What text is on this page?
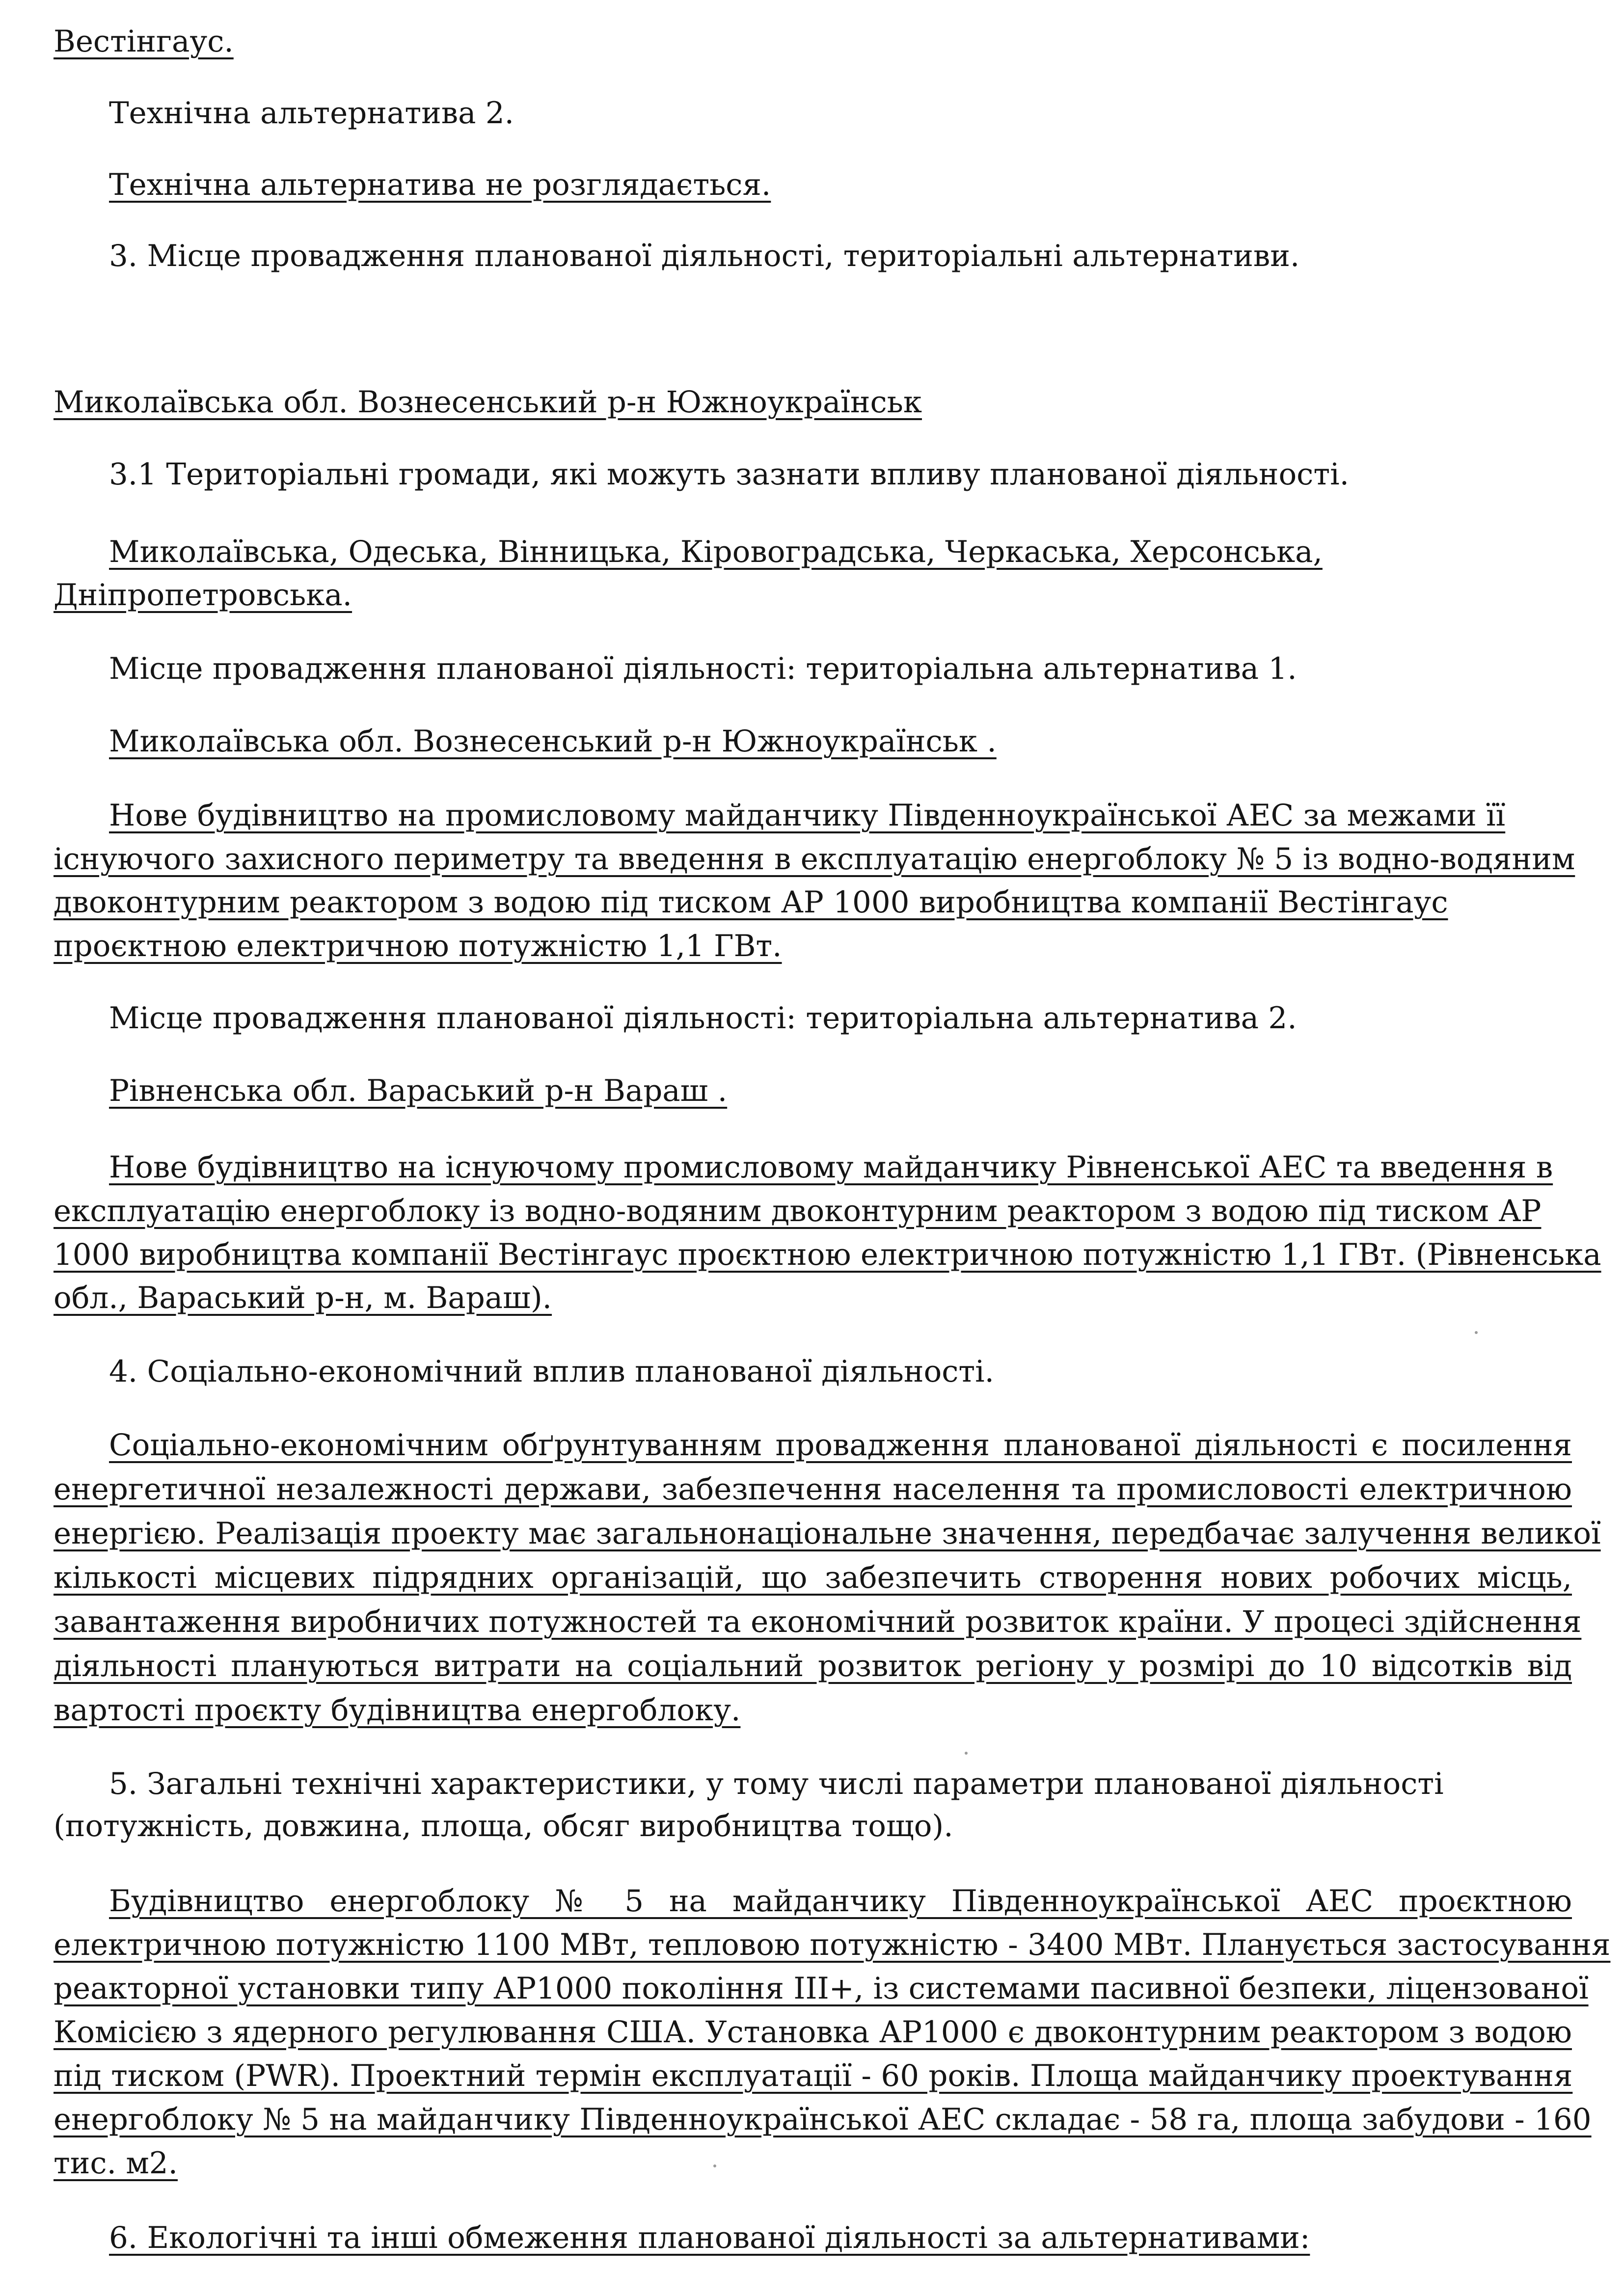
Вестінгаус.

Технічна альтернатива 2.

Технічна альтернатива не розглядається.

3. Місце провадження планованої діяльності, територіальні альтернативи.

Миколаївська обл. Вознесенський р-н Южноукраїнськ

3.1 Територіальні громади, які можуть зазнати впливу планованої діяльності.

Миколаївська, Одеська, Вінницька, Кіровоградська, Черкаська, Херсонська,

Дніпропетровська.

Місце провадження планованої діяльності: територіальна альтернатива 1.

Миколаївська обл. Вознесенський р-н Южноукраїнськ .

Нове будівництво на промисловому майданчику Південноукраїнської АЕС за межами її

існуючого захисного периметру та введення в експлуатацію енергоблоку № 5 із водно-водяним

двоконтурним реактором з водою під тиском АР 1000 виробництва компанії Вестінгаус

проєктною електричною потужністю 1,1 ГВт.

Місце провадження планованої діяльності: територіальна альтернатива 2.

Рівненська обл. Вараський р-н Вараш .

Нове будівництво на існуючому промисловому майданчику Рівненської АЕС та введення в

експлуатацію енергоблоку із водно-водяним двоконтурним реактором з водою під тиском АР

1000 виробництва компанії Вестінгаус проєктною електричною потужністю 1,1 ГВт. (Рівненська

обл., Вараський р-н, м. Вараш).

4. Соціально-економічний вплив планованої діяльності.

Соціально-економічним обґрунтуванням провадження планованої діяльності є посилення

енергетичної незалежності держави, забезпечення населення та промисловості електричною

енергією. Реалізація проекту має загальнонаціональне значення, передбачає залучення великої

кількості місцевих підрядних організацій, що забезпечить створення нових робочих місць,

завантаження виробничих потужностей та економічний розвиток країни. У процесі здійснення

діяльності плануються витрати на соціальний розвиток регіону у розмірі до 10 відсотків від

вартості проєкту будівництва енергоблоку.

5. Загальні технічні характеристики, у тому числі параметри планованої діяльності

(потужність, довжина, площа, обсяг виробництва тощо).

Будівництво енергоблоку № 5 на майданчику Південноукраїнської АЕС проєктною

електричною потужністю 1100 МВт, тепловою потужністю - 3400 МВт. Планується застосування

реакторної установки типу АР1000 покоління III+, із системами пасивної безпеки, ліцензованої

Комісією з ядерного регулювання США. Установка АР1000 є двоконтурним реактором з водою

під тиском (PWR). Проектний термін експлуатації - 60 років. Площа майданчику проектування

енергоблоку № 5 на майданчику Південноукраїнської АЕС складає - 58 га, площа забудови - 160

тис. м2.

6. Екологічні та інші обмеження планованої діяльності за альтернативами:
